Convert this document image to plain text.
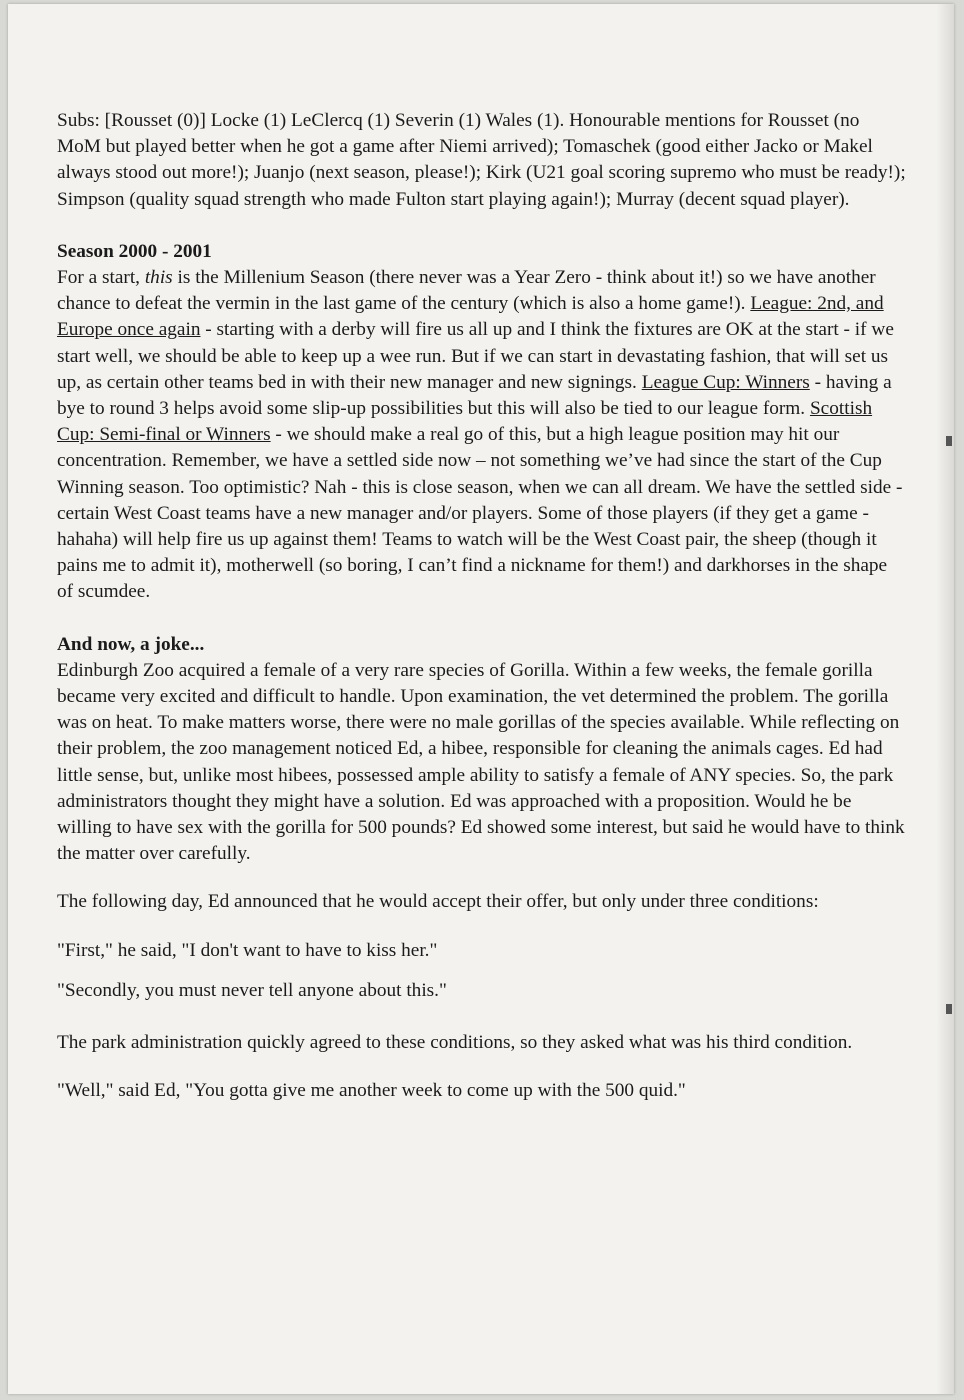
Subs: [Rousset (0)] Locke (1) LeClercq (1) Severin (1) Wales (1). Honourable mentions for Rousset (no MoM but played better when he got a game after Niemi arrived); Tomaschek (good either Jacko or Makel always stood out more!); Juanjo (next season, please!); Kirk (U21 goal scoring supremo who must be ready!); Simpson (quality squad strength who made Fulton start playing again!); Murray (decent squad player).

Season 2000 - 2001

For a start, this is the Millenium Season (there never was a Year Zero - think about it!) so we have another chance to defeat the vermin in the last game of the century (which is also a home game!). League: 2nd, and Europe once again - starting with a derby will fire us all up and I think the fixtures are OK at the start - if we start well, we should be able to keep up a wee run. But if we can start in devastating fashion, that will set us up, as certain other teams bed in with their new manager and new signings. League Cup: Winners - having a bye to round 3 helps avoid some slip-up possibilities but this will also be tied to our league form. Scottish Cup: Semi-final or Winners - we should make a real go of this, but a high league position may hit our concentration. Remember, we have a settled side now – not something we’ve had since the start of the Cup Winning season. Too optimistic? Nah - this is close season, when we can all dream. We have the settled side - certain West Coast teams have a new manager and/or players. Some of those players (if they get a game - hahaha) will help fire us up against them! Teams to watch will be the West Coast pair, the sheep (though it pains me to admit it), motherwell (so boring, I can’t find a nickname for them!) and darkhorses in the shape of scumdee.

And now, a joke...

Edinburgh Zoo acquired a female of a very rare species of Gorilla. Within a few weeks, the female gorilla became very excited and difficult to handle. Upon examination, the vet determined the problem. The gorilla was on heat. To make matters worse, there were no male gorillas of the species available. While reflecting on their problem, the zoo management noticed Ed, a hibee, responsible for cleaning the animals cages. Ed had little sense, but, unlike most hibees, possessed ample ability to satisfy a female of ANY species. So, the park administrators thought they might have a solution. Ed was approached with a proposition. Would he be willing to have sex with the gorilla for 500 pounds? Ed showed some interest, but said he would have to think the matter over carefully.

The following day, Ed announced that he would accept their offer, but only under three conditions:

"First," he said, "I don't want to have to kiss her."

"Secondly, you must never tell anyone about this."

The park administration quickly agreed to these conditions, so they asked what was his third condition.

"Well," said Ed, "You gotta give me another week to come up with the 500 quid."
